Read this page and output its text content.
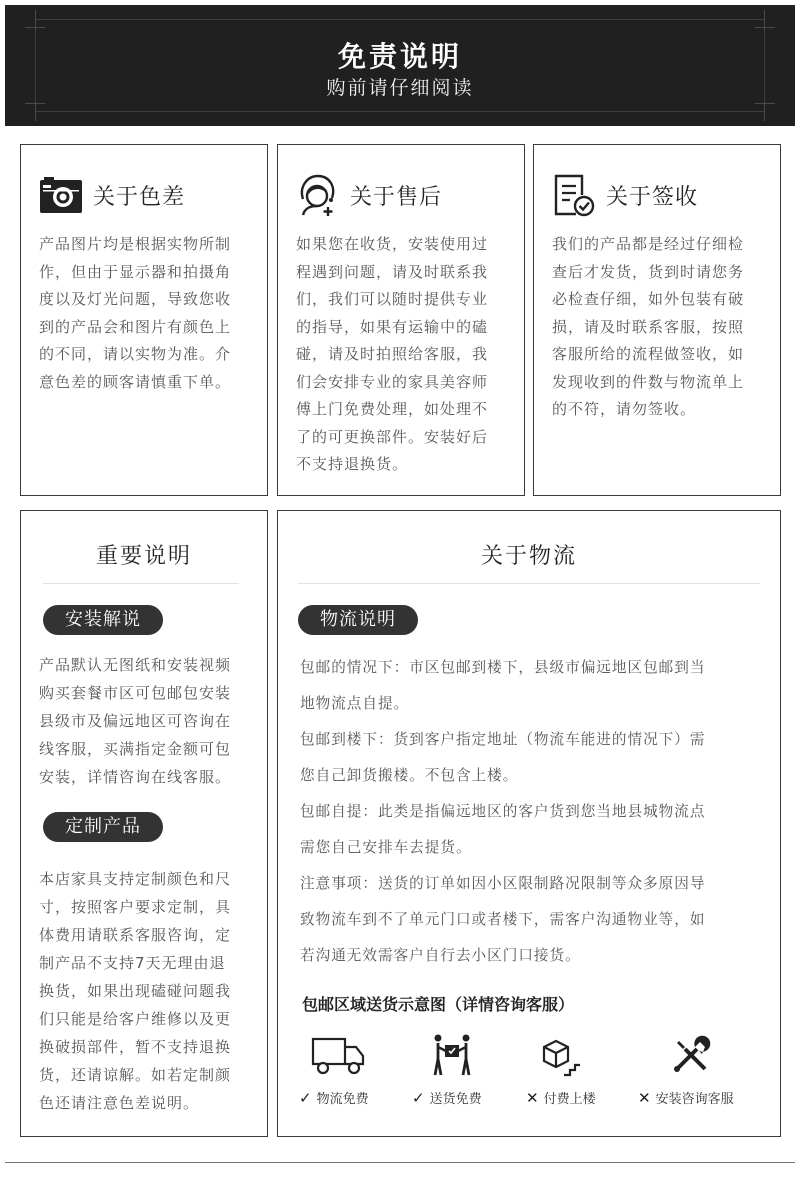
免责说明
购前请仔细阅读
关于色差
产品图片均是根据实物所制
作，但由于显示器和拍摄角
度以及灯光问题，导致您收
到的产品会和图片有颜色上
的不同，请以实物为准。介
意色差的顾客请慎重下单。
关于售后
如果您在收货，安装使用过
程遇到问题，请及时联系我
们，我们可以随时提供专业
的指导，如果有运输中的磕
碰，请及时拍照给客服，我
们会安排专业的家具美容师
傅上门免费处理，如处理不
了的可更换部件。安装好后
不支持退换货。
关于签收
我们的产品都是经过仔细检
查后才发货，货到时请您务
必检查仔细，如外包装有破
损，请及时联系客服，按照
客服所给的流程做签收，如
发现收到的件数与物流单上
的不符，请勿签收。
重要说明
安装解说
产品默认无图纸和安装视频
购买套餐市区可包邮包安装
县级市及偏远地区可咨询在
线客服，买满指定金额可包
安装，详情咨询在线客服。
定制产品
本店家具支持定制颜色和尺
寸，按照客户要求定制，具
体费用请联系客服咨询，定
制产品不支持7天无理由退
换货，如果出现磕碰问题我
们只能是给客户维修以及更
换破损部件，暂不支持退换
货，还请谅解。如若定制颜
色还请注意色差说明。
关于物流
物流说明

包邮的情况下：市区包邮到楼下，县级市偏远地区包邮到当

地物流点自提。

包邮到楼下：货到客户指定地址（物流车能进的情况下）需

您自己卸货搬楼。不包含上楼。

包邮自提：此类是指偏远地区的客户货到您当地县城物流点

需您自己安排车去提货。

注意事项：送货的订单如因小区限制路况限制等众多原因导

致物流车到不了单元门口或者楼下，需客户沟通物业等，如

若沟通无效需客户自行去小区门口接货。

包邮区域送货示意图（详情咨询客服）
✓ 物流免费	✓ 送货免费	✕ 付费上楼	✕ 安装咨询客服
